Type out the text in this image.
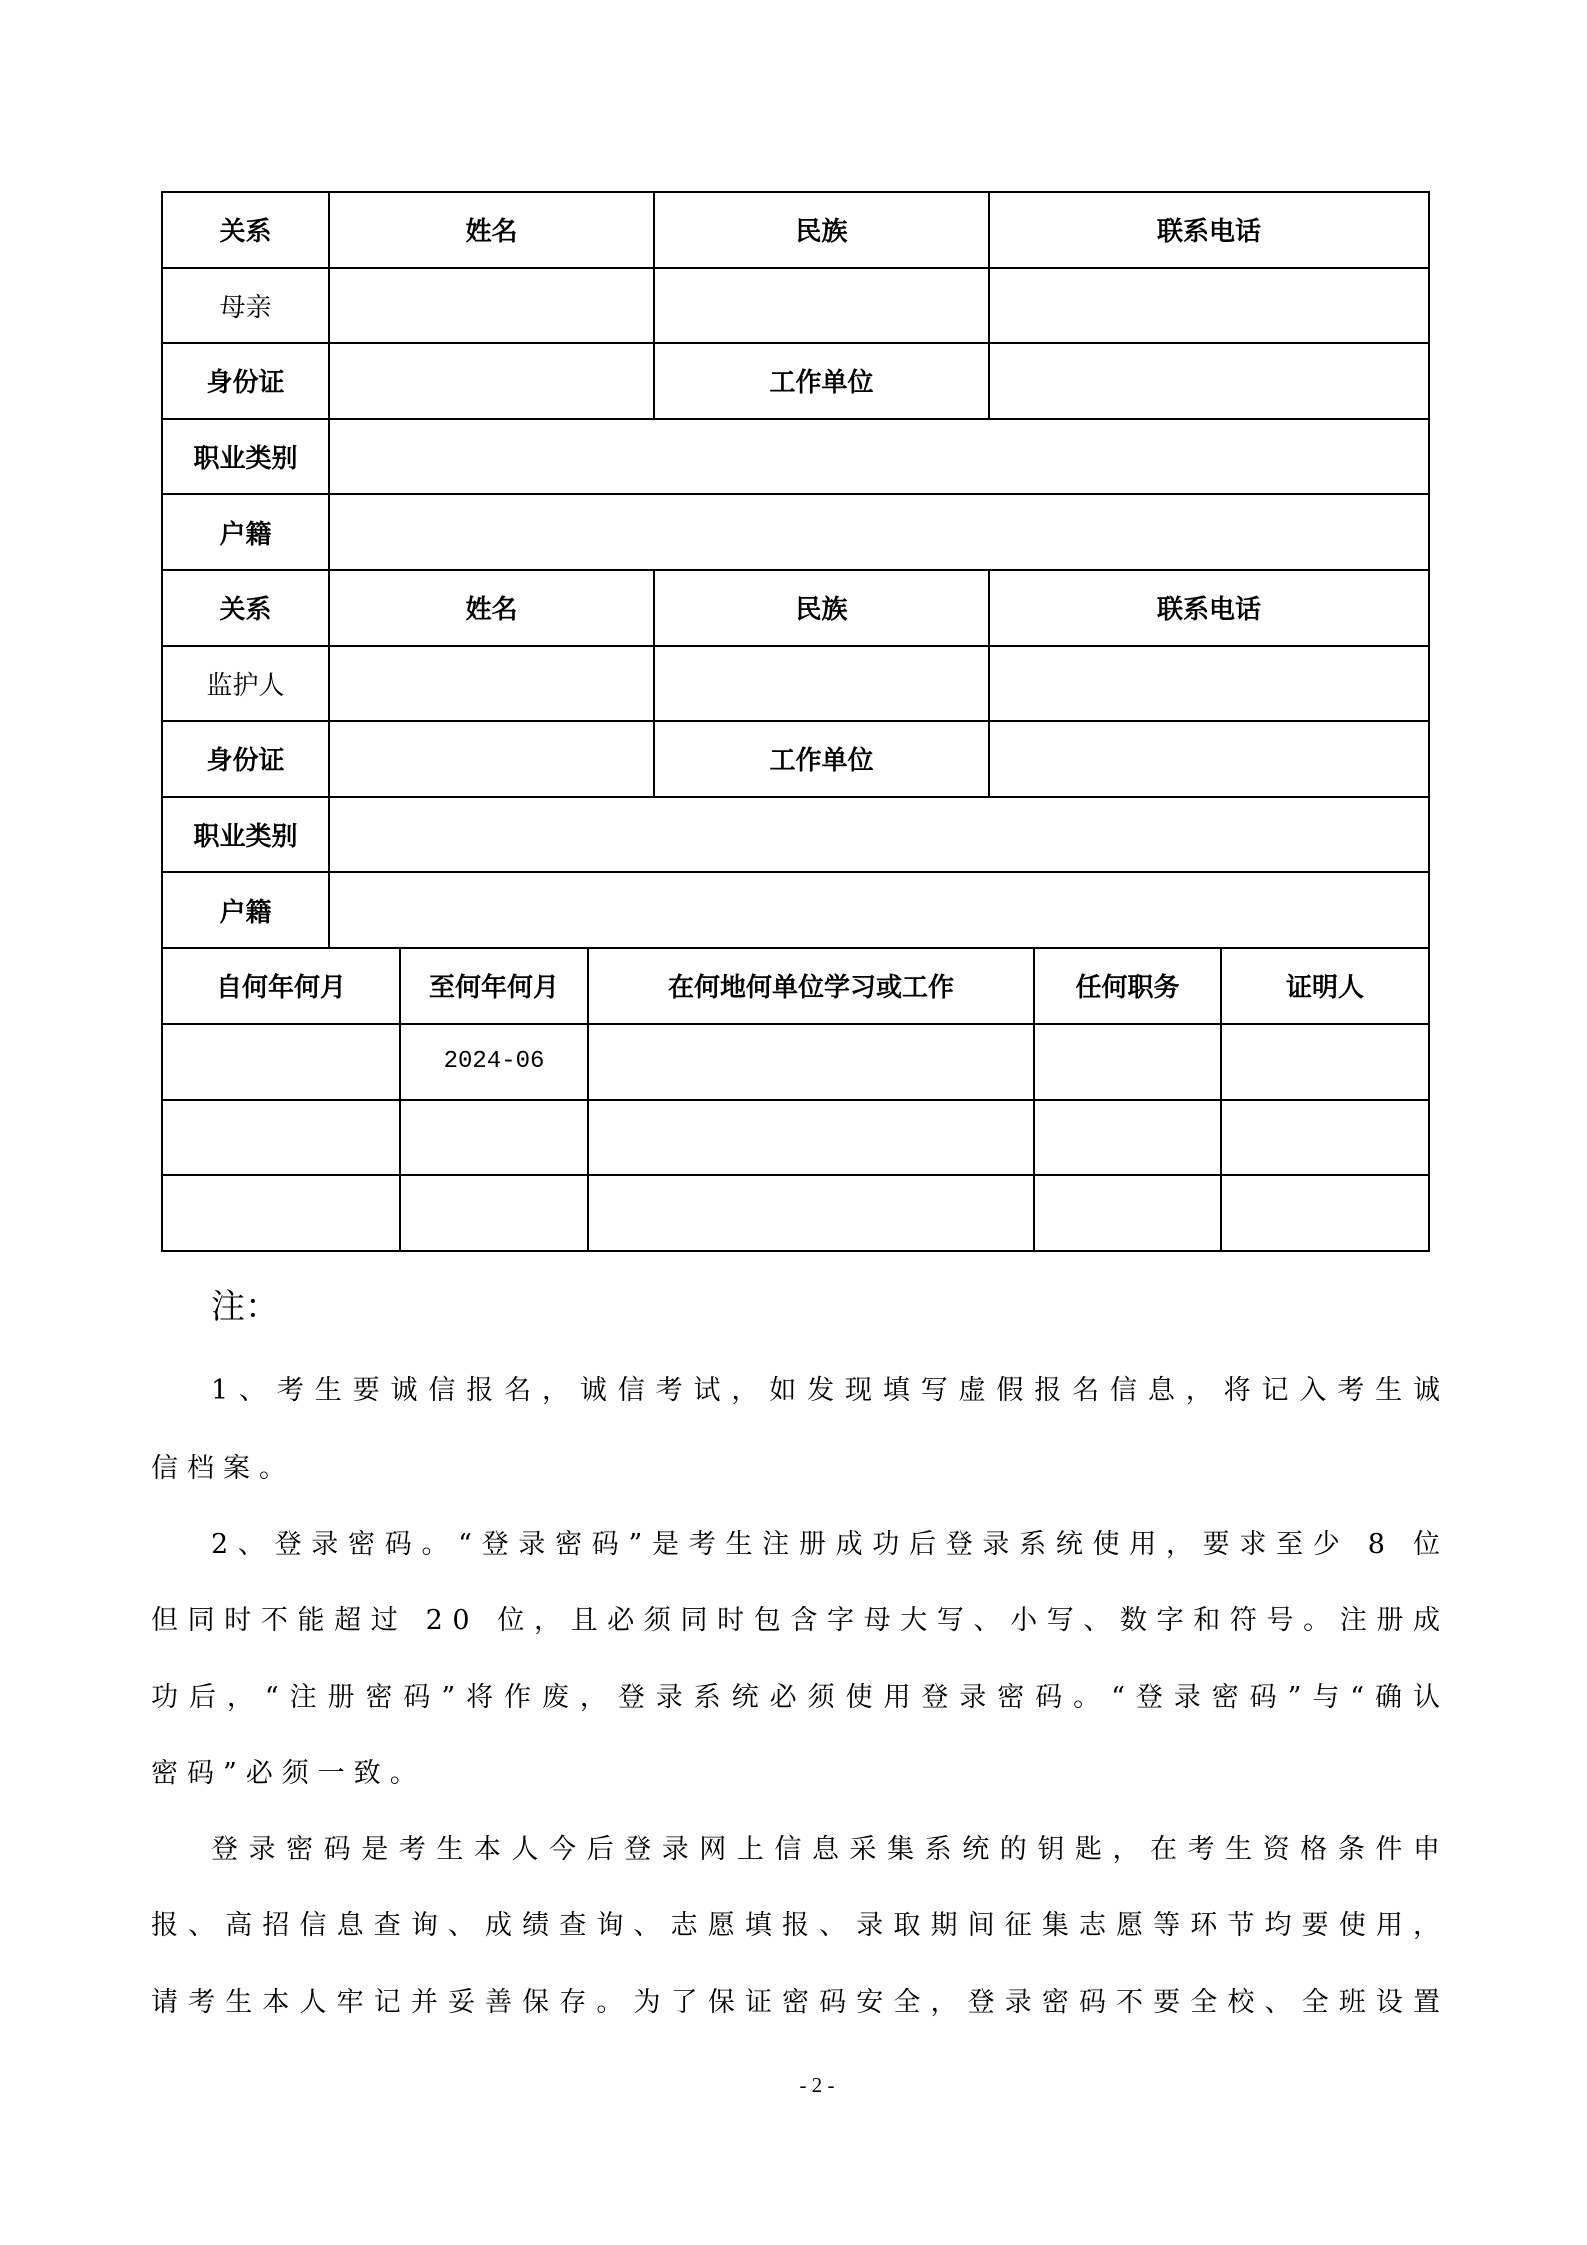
关系	姓名	民族	联系电话
母亲			
身份证		工作单位	
职业类别			
户籍			
关系	姓名	民族	联系电话
监护人			
身份证		工作单位	
职业类别			
户籍			
自何年何月	至何年何月	在何地何单位学习或工作	任何职务	证明人
	2024-06			

注：
1、考生要诚信报名，诚信考试，如发现填写虚假报名信息，将记入考生诚
信档案。
2、登录密码。“登录密码”是考生注册成功后登录系统使用，要求至少 8 位
但同时不能超过 20 位，且必须同时包含字母大写、小写、数字和符号。注册成
功后，“注册密码”将作废，登录系统必须使用登录密码。“登录密码”与“确认
密码”必须一致。
登录密码是考生本人今后登录网上信息采集系统的钥匙，在考生资格条件申
报、高招信息查询、成绩查询、志愿填报、录取期间征集志愿等环节均要使用，
请考生本人牢记并妥善保存。为了保证密码安全，登录密码不要全校、全班设置
- 2 -
